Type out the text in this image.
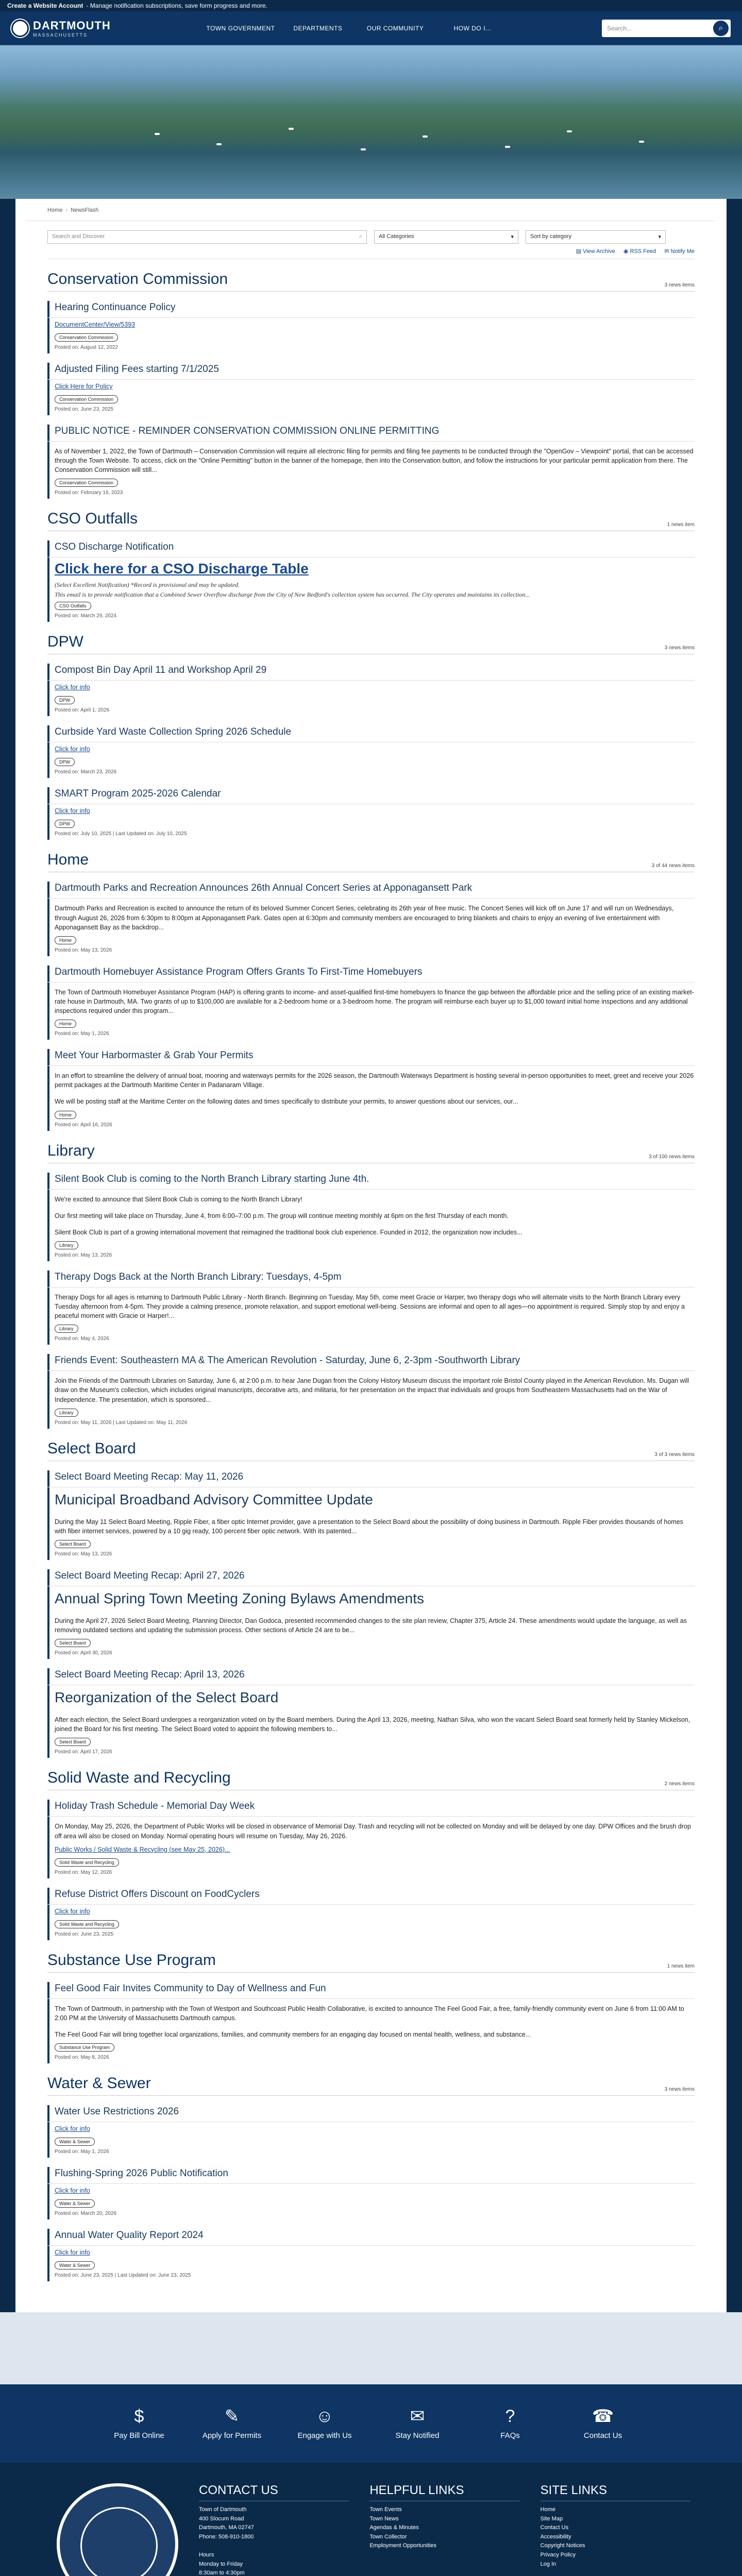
Create a Website Account - Manage notification subscriptions, save form progress and more.
DARTMOUTH
MASSACHUSETTS
TOWN GOVERNMENT	DEPARTMENTS	OUR COMMUNITY	HOW DO I...	Search...	⌕
Home › NewsFlash
Search and Discover	⌕	All Categories	▾	Sort by category	▾
▤ View Archive ◉ RSS Feed ✉ Notify Me
Conservation Commission	3 news items
Hearing Continuance Policy
DocumentCenter/View/5393
Conservation Commission
Posted on: August 12, 2022
Adjusted Filing Fees starting 7/1/2025
Click Here for Policy
Conservation Commission
Posted on: June 23, 2025
PUBLIC NOTICE - REMINDER CONSERVATION COMMISSION ONLINE PERMITTING
As of November 1, 2022, the Town of Dartmouth – Conservation Commission will require all electronic filing for permits and filing fee payments to be conducted through the "OpenGov – Viewpoint" portal, that can be accessed through the Town Website. To access, click on the "Online Permitting" button in the banner of the homepage, then into the Conservation button, and follow the instructions for your particular permit application from there. The Conservation Commission will still...
Conservation Commission
Posted on: February 16, 2023
CSO Outfalls	1 news item
CSO Discharge Notification
Click here for a CSO Discharge Table
(Select Excellent Notification) *Record is provisional and may be updated.
This email is to provide notification that a Combined Sewer Overflow discharge from the City of New Bedford's collection system has occurred. The City operates and maintains its collection...
CSO Outfalls
Posted on: March 29, 2024
DPW	3 news items
Compost Bin Day April 11 and Workshop April 29
Click for info
DPW
Posted on: April 1, 2026
Curbside Yard Waste Collection Spring 2026 Schedule
Click for info
DPW
Posted on: March 23, 2026
SMART Program 2025-2026 Calendar
Click for info
DPW
Posted on: July 10, 2025 | Last Updated on: July 10, 2025
Home	3 of 44 news items
Dartmouth Parks and Recreation Announces 26th Annual Concert Series at Apponagansett Park
Dartmouth Parks and Recreation is excited to announce the return of its beloved Summer Concert Series, celebrating its 26th year of free music. The Concert Series will kick off on June 17 and will run on Wednesdays, through August 26, 2026 from 6:30pm to 8:00pm at Apponagansett Park. Gates open at 6:30pm and community members are encouraged to bring blankets and chairs to enjoy an evening of live entertainment with Apponagansett Bay as the backdrop...
Home
Posted on: May 13, 2026
Dartmouth Homebuyer Assistance Program Offers Grants To First-Time Homebuyers
The Town of Dartmouth Homebuyer Assistance Program (HAP) is offering grants to income- and asset-qualified first-time homebuyers to finance the gap between the affordable price and the selling price of an existing market-rate house in Dartmouth, MA. Two grants of up to $100,000 are available for a 2-bedroom home or a 3-bedroom home. The program will reimburse each buyer up to $1,000 toward initial home inspections and any additional inspections required under this program...
Home
Posted on: May 1, 2026
Meet Your Harbormaster & Grab Your Permits
In an effort to streamline the delivery of annual boat, mooring and waterways permits for the 2026 season, the Dartmouth Waterways Department is hosting several in-person opportunities to meet, greet and receive your 2026 permit packages at the Dartmouth Maritime Center in Padanaram Village.
We will be posting staff at the Maritime Center on the following dates and times specifically to distribute your permits, to answer questions about our services, our...
Home
Posted on: April 16, 2026
Library	3 of 100 news items
Silent Book Club is coming to the North Branch Library starting June 4th.
We're excited to announce that Silent Book Club is coming to the North Branch Library!
Our first meeting will take place on Thursday, June 4, from 6:00–7:00 p.m. The group will continue meeting monthly at 6pm on the first Thursday of each month.
Silent Book Club is part of a growing international movement that reimagined the traditional book club experience. Founded in 2012, the organization now includes...
Library
Posted on: May 13, 2026
Therapy Dogs Back at the North Branch Library: Tuesdays, 4-5pm
Therapy Dogs for all ages is returning to Dartmouth Public Library - North Branch. Beginning on Tuesday, May 5th, come meet Gracie or Harper, two therapy dogs who will alternate visits to the North Branch Library every Tuesday afternoon from 4-5pm. They provide a calming presence, promote relaxation, and support emotional well-being. Sessions are informal and open to all ages—no appointment is required. Simply stop by and enjoy a peaceful moment with Gracie or Harper!...
Library
Posted on: May 4, 2026
Friends Event: Southeastern MA & The American Revolution - Saturday, June 6, 2-3pm -Southworth Library
Join the Friends of the Dartmouth Libraries on Saturday, June 6, at 2:00 p.m. to hear Jane Dugan from the Colony History Museum discuss the important role Bristol County played in the American Revolution. Ms. Dugan will draw on the Museum's collection, which includes original manuscripts, decorative arts, and militaria, for her presentation on the impact that individuals and groups from Southeastern Massachusetts had on the War of Independence. The presentation, which is sponsored...
Library
Posted on: May 11, 2026 | Last Updated on: May 11, 2026
Select Board	3 of 3 news items
Select Board Meeting Recap: May 11, 2026
Municipal Broadband Advisory Committee Update
During the May 11 Select Board Meeting, Ripple Fiber, a fiber optic Internet provider, gave a presentation to the Select Board about the possibility of doing business in Dartmouth. Ripple Fiber provides thousands of homes with fiber internet services, powered by a 10 gig ready, 100 percent fiber optic network. With its patented...
Select Board
Posted on: May 13, 2026
Select Board Meeting Recap: April 27, 2026
Annual Spring Town Meeting Zoning Bylaws Amendments
During the April 27, 2026 Select Board Meeting, Planning Director, Dan Godoca, presented recommended changes to the site plan review, Chapter 375, Article 24. These amendments would update the language, as well as removing outdated sections and updating the submission process. Other sections of Article 24 are to be...
Select Board
Posted on: April 30, 2026
Select Board Meeting Recap: April 13, 2026
Reorganization of the Select Board
After each election, the Select Board undergoes a reorganization voted on by the Board members. During the April 13, 2026, meeting, Nathan Silva, who won the vacant Select Board seat formerly held by Stanley Mickelson, joined the Board for his first meeting. The Select Board voted to appoint the following members to...
Select Board
Posted on: April 17, 2026
Solid Waste and Recycling	2 news items
Holiday Trash Schedule - Memorial Day Week
On Monday, May 25, 2026, the Department of Public Works will be closed in observance of Memorial Day. Trash and recycling will not be collected on Monday and will be delayed by one day. DPW Offices and the brush drop off area will also be closed on Monday. Normal operating hours will resume on Tuesday, May 26, 2026.
Public Works / Solid Waste & Recycling (see May 25, 2026)...
Solid Waste and Recycling
Posted on: May 12, 2026
Refuse District Offers Discount on FoodCyclers
Click for info
Solid Waste and Recycling
Posted on: June 23, 2025
Substance Use Program	1 news item
Feel Good Fair Invites Community to Day of Wellness and Fun
The Town of Dartmouth, in partnership with the Town of Westport and Southcoast Public Health Collaborative, is excited to announce The Feel Good Fair, a free, family-friendly community event on June 6 from 11:00 AM to 2:00 PM at the University of Massachusetts Dartmouth campus.
The Feel Good Fair will bring together local organizations, families, and community members for an engaging day focused on mental health, wellness, and substance...
Substance Use Program
Posted on: May 8, 2026
Water & Sewer	3 news items
Water Use Restrictions 2026
Click for info
Water & Sewer
Posted on: May 1, 2026
Flushing-Spring 2026 Public Notification
Click for info
Water & Sewer
Posted on: March 20, 2026
Annual Water Quality Report 2024
Click for info
Water & Sewer
Posted on: June 23, 2025 | Last Updated on: June 23, 2025
$
Pay Bill Online
✎
Apply for Permits
☺
Engage with Us
✉
Stay Notified
?
FAQs
☎
Contact Us
CONTACT US
Town of Dartmouth
400 Slocum Road
Dartmouth, MA 02747
Phone: 508-910-1800

Hours
Monday to Friday
8:30am to 4:30pm
HELPFUL LINKS
Town Events
Town News
Agendas & Minutes
Town Collector
Employment Opportunities
SITE LINKS
Home
Site Map
Contact Us
Accessibility
Copyright Notices
Privacy Policy
Log In
